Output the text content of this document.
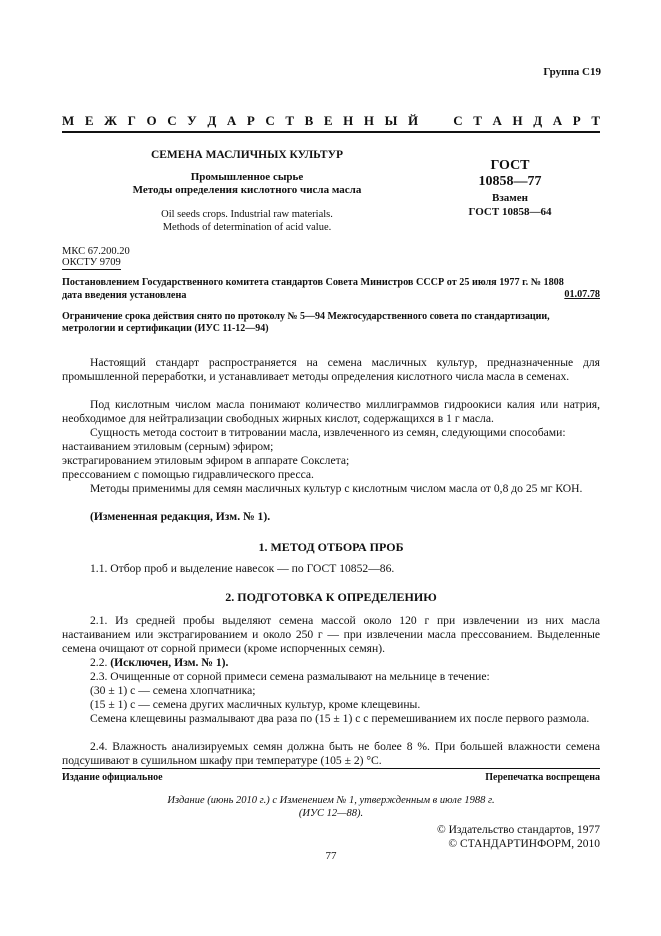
Группа С19
М Е Ж Г О С У Д А Р С Т В Е Н Н Ы Й	С Т А Н Д А Р Т
СЕМЕНА МАСЛИЧНЫХ КУЛЬТУР
Промышленное сырье
Методы определения кислотного числа масла
Oil seeds crops. Industrial raw materials.
Methods of determination of acid value.
ГОСТ
10858—77
Взамен
ГОСТ 10858—64
МКС 67.200.20
ОКСТУ 9709
Постановлением Государственного комитета стандартов Совета Министров СССР от 25 июля 1977 г. № 1808
дата введения установлена	01.07.78
Ограничение срока действия снято по протоколу № 5—94 Межгосударственного совета по стандартизации,
метрологии и сертификации (ИУС 11-12—94)
Настоящий стандарт распространяется на семена масличных культур, предназначенные для промышленной переработки, и устанавливает методы определения кислотного числа масла в семенах.
Под кислотным числом масла понимают количество миллиграммов гидроокиси калия или натрия, необходимое для нейтрализации свободных жирных кислот, содержащихся в 1 г масла.
Сущность метода состоит в титровании масла, извлеченного из семян, следующими способами:
настаиванием этиловым (серным) эфиром;
экстрагированием этиловым эфиром в аппарате Сокслета;
прессованием с помощью гидравлического пресса.
Методы применимы для семян масличных культур с кислотным числом масла от 0,8 до 25 мг КОН.
(Измененная редакция, Изм. № 1).
1. МЕТОД ОТБОРА ПРОБ
1.1. Отбор проб и выделение навесок — по ГОСТ 10852—86.
2. ПОДГОТОВКА К ОПРЕДЕЛЕНИЮ
2.1. Из средней пробы выделяют семена массой около 120 г при извлечении из них масла настаиванием или экстрагированием и около 250 г — при извлечении масла прессованием. Выделенные семена очищают от сорной примеси (кроме испорченных семян).
2.2. (Исключен, Изм. № 1).
2.3. Очищенные от сорной примеси семена размалывают на мельнице в течение:
(30 ± 1) с — семена хлопчатника;
(15 ± 1) с — семена других масличных культур, кроме клещевины.
Семена клещевины размалывают два раза по (15 ± 1) с с перемешиванием их после первого размола.
2.4. Влажность анализируемых семян должна быть не более 8 %. При большей влажности семена подсушивают в сушильном шкафу при температуре (105 ± 2) °С.
Издание официальное	Перепечатка воспрещена
Издание (июнь 2010 г.) с Изменением № 1, утвержденным в июле 1988 г.
(ИУС 12—88).
© Издательство стандартов, 1977
© СТАНДАРТИНФОРМ, 2010
77
